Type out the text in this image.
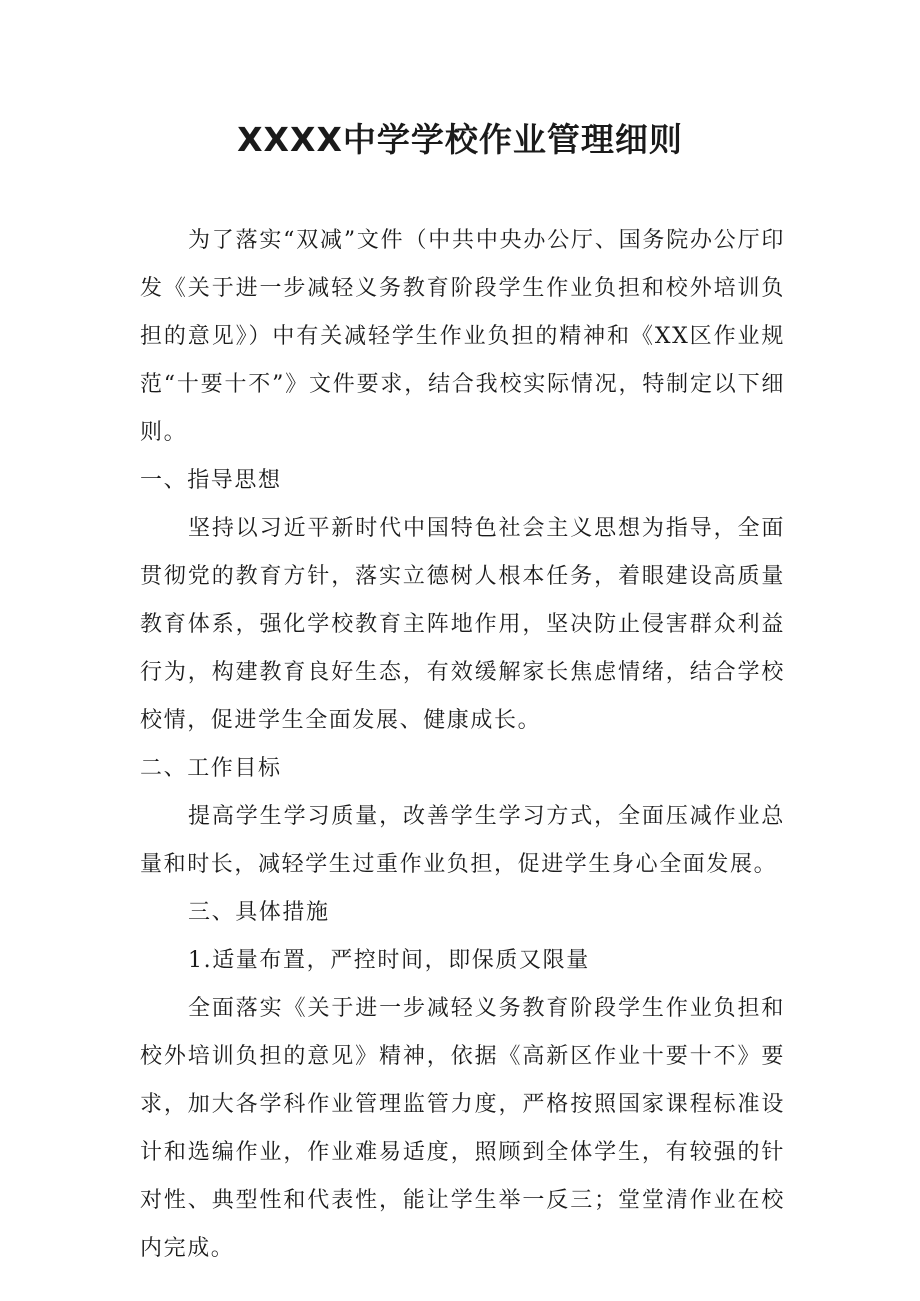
XXXX中学学校作业管理细则

为了落实“双减”文件（中共中央办公厅、国务院办公厅印发《关于进一步减轻义务教育阶段学生作业负担和校外培训负担的意见》）中有关减轻学生作业负担的精神和《XX区作业规范“十要十不”》文件要求，结合我校实际情况，特制定以下细则。

一、指导思想

坚持以习近平新时代中国特色社会主义思想为指导，全面贯彻党的教育方针，落实立德树人根本任务，着眼建设高质量教育体系，强化学校教育主阵地作用，坚决防止侵害群众利益行为，构建教育良好生态，有效缓解家长焦虑情绪，结合学校校情，促进学生全面发展、健康成长。

二、工作目标

提高学生学习质量，改善学生学习方式，全面压减作业总量和时长，减轻学生过重作业负担，促进学生身心全面发展。

三、具体措施

1.适量布置，严控时间，即保质又限量

全面落实《关于进一步减轻义务教育阶段学生作业负担和校外培训负担的意见》精神，依据《高新区作业十要十不》要求，加大各学科作业管理监管力度，严格按照国家课程标准设计和选编作业，作业难易适度，照顾到全体学生，有较强的针对性、典型性和代表性，能让学生举一反三；堂堂清作业在校内完成。
